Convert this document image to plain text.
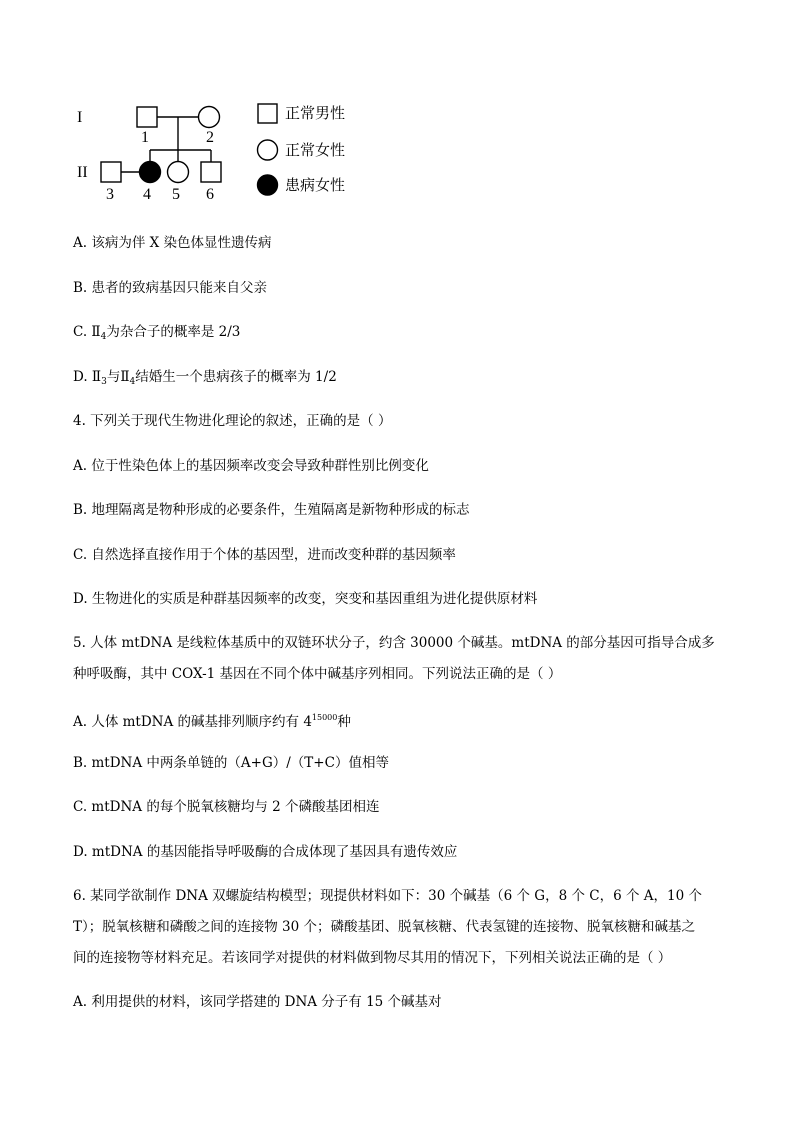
I
II
1	2
3 4 5 6
正常男性
正常女性
患病女性
A. 该病为伴 X 染色体显性遗传病
B. 患者的致病基因只能来自父亲
C. $Ⅱ_4$为杂合子的概率是 2/3
D. $Ⅱ_3$与$Ⅱ_4$结婚生一个患病孩子的概率为 1/2
4. 下列关于现代生物进化理论的叙述，正确的是（ ）
A. 位于性染色体上的基因频率改变会导致种群性别比例变化
B. 地理隔离是物种形成的必要条件，生殖隔离是新物种形成的标志
C. 自然选择直接作用于个体的基因型，进而改变种群的基因频率
D. 生物进化的实质是种群基因频率的改变，突变和基因重组为进化提供原材料
5. 人体 mtDNA 是线粒体基质中的双链环状分子，约含 30000 个碱基。mtDNA 的部分基因可指导合成多
种呼吸酶，其中 COX-1 基因在不同个体中碱基序列相同。下列说法正确的是（ ）
A. 人体 mtDNA 的碱基排列顺序约有 $4^{15000}$种
B. mtDNA 中两条单链的（A+G）/（T+C）值相等
C. mtDNA 的每个脱氧核糖均与 2 个磷酸基团相连
D. mtDNA 的基因能指导呼吸酶的合成体现了基因具有遗传效应
6. 某同学欲制作 DNA 双螺旋结构模型；现提供材料如下：30 个碱基（6 个 G，8 个 C，6 个 A，10 个
T）；脱氧核糖和磷酸之间的连接物 30 个；磷酸基团、脱氧核糖、代表氢键的连接物、脱氧核糖和碱基之
间的连接物等材料充足。若该同学对提供的材料做到物尽其用的情况下，下列相关说法正确的是（ ）
A. 利用提供的材料，该同学搭建的 DNA 分子有 15 个碱基对
